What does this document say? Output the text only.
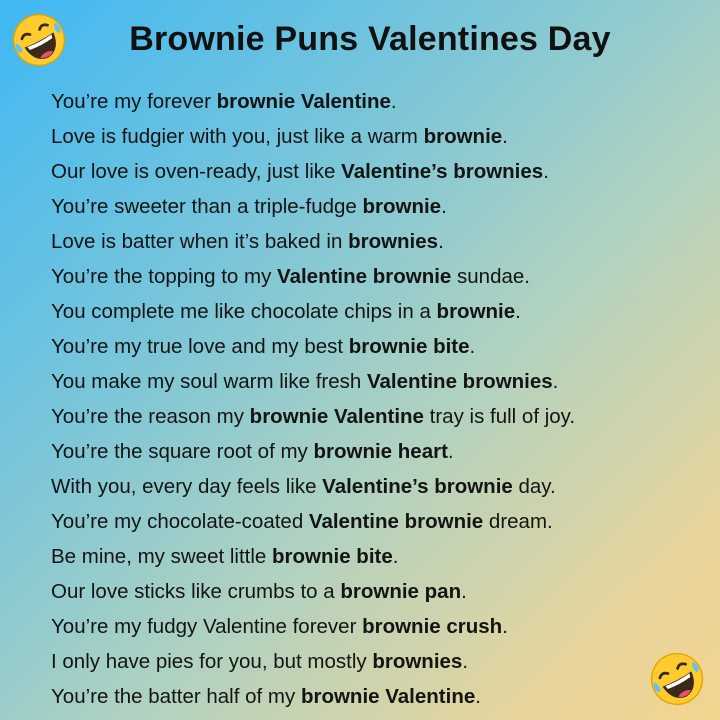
Brownie Puns Valentines Day
You’re my forever brownie Valentine.
Love is fudgier with you, just like a warm brownie.
Our love is oven-ready, just like Valentine’s brownies.
You’re sweeter than a triple-fudge brownie.
Love is batter when it’s baked in brownies.
You’re the topping to my Valentine brownie sundae.
You complete me like chocolate chips in a brownie.
You’re my true love and my best brownie bite.
You make my soul warm like fresh Valentine brownies.
You’re the reason my brownie Valentine tray is full of joy.
You’re the square root of my brownie heart.
With you, every day feels like Valentine’s brownie day.
You’re my chocolate-coated Valentine brownie dream.
Be mine, my sweet little brownie bite.
Our love sticks like crumbs to a brownie pan.
You’re my fudgy Valentine forever brownie crush.
I only have pies for you, but mostly brownies.
You’re the batter half of my brownie Valentine.
